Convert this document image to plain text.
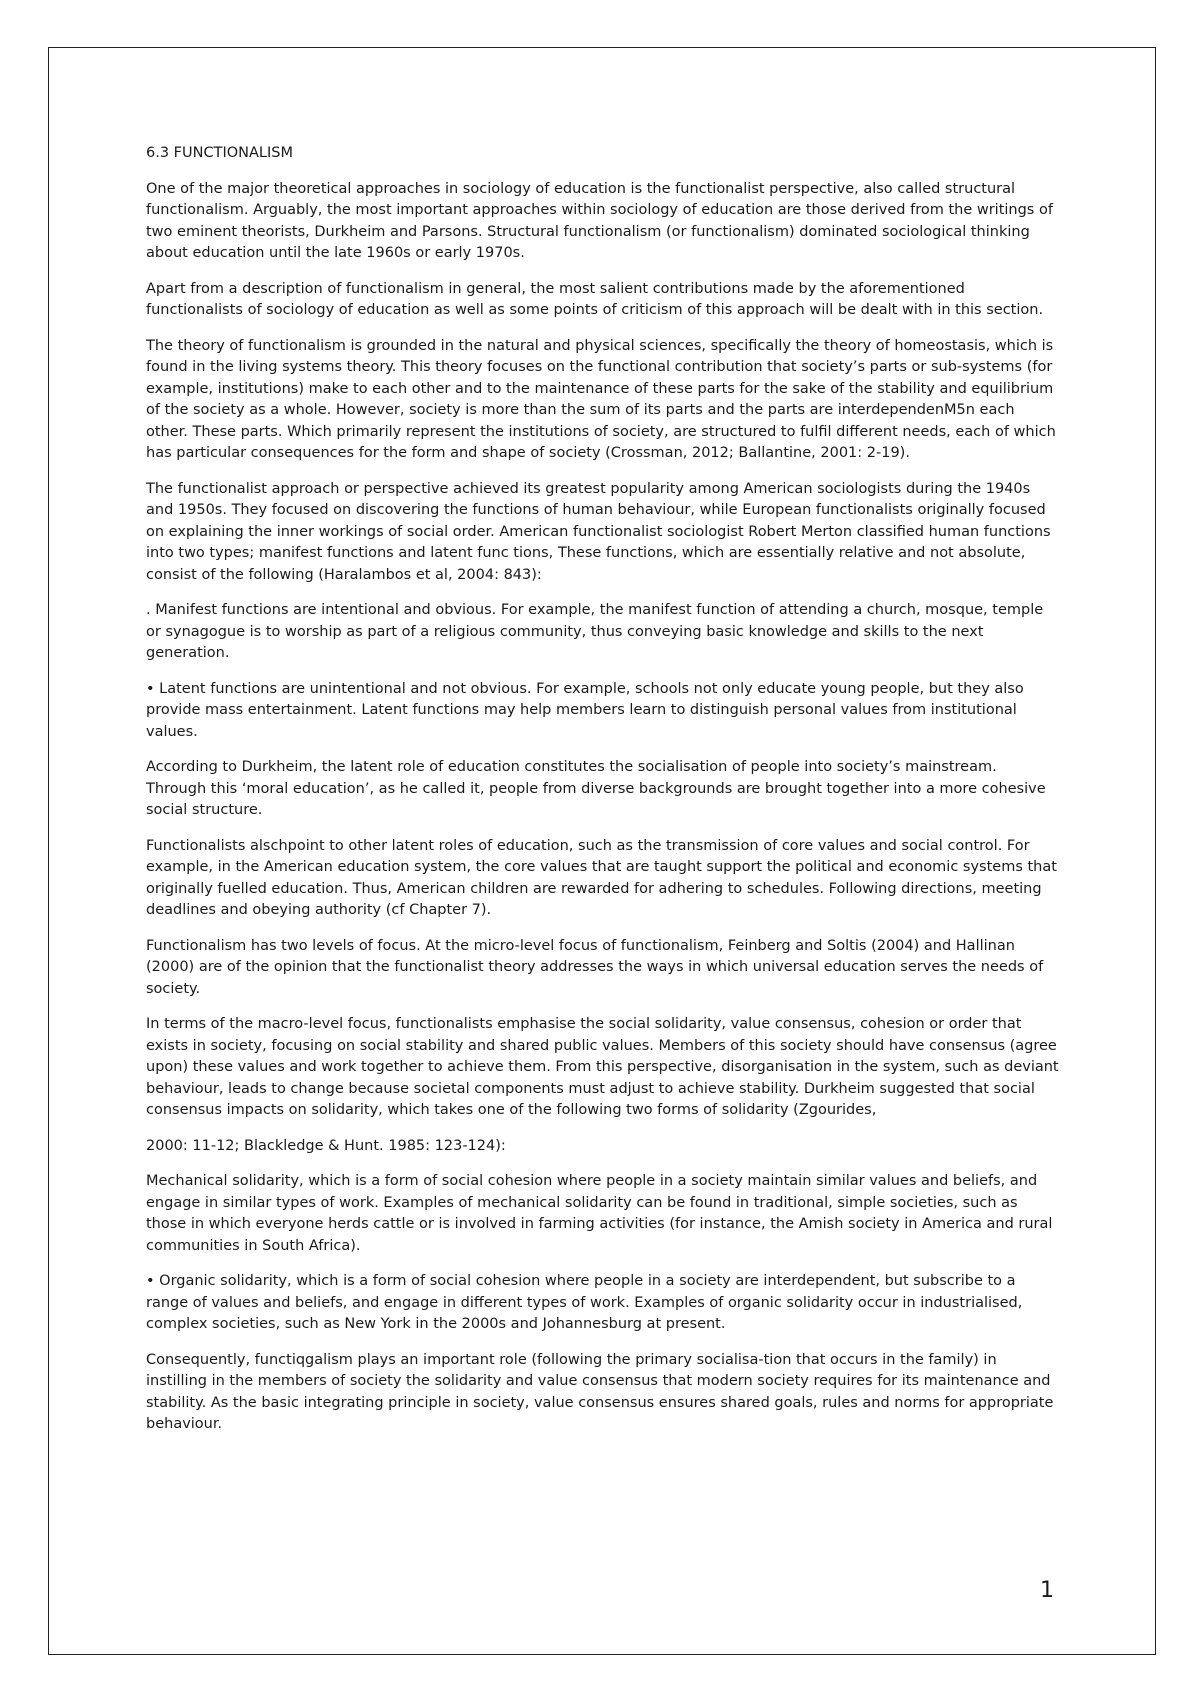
6.3 FUNCTIONALISM

One of the major theoretical approaches in sociology of education is the functionalist perspective, also called structural functionalism. Arguably, the most important approaches within sociology of education are those derived from the writings of two eminent theorists, Durkheim and Parsons. Structural functionalism (or functionalism) dominated sociological thinking about education until the late 1960s or early 1970s.

Apart from a description of functionalism in general, the most salient contributions made by the aforementioned functionalists of sociology of education as well as some points of criticism of this approach will be dealt with in this section.

The theory of functionalism is grounded in the natural and physical sciences, specifically the theory of homeostasis, which is found in the living systems theory. This theory focuses on the functional contribution that society’s parts or sub-systems (for example, institutions) make to each other and to the maintenance of these parts for the sake of the stability and equilibrium of the society as a whole. However, society is more than the sum of its parts and the parts are interdependenM5n each other. These parts. Which primarily represent the institutions of society, are structured to fulfil different needs, each of which has particular consequences for the form and shape of society (Crossman, 2012; Ballantine, 2001: 2-19).

The functionalist approach or perspective achieved its greatest popularity among American sociologists during the 1940s and 1950s. They focused on discovering the functions of human behaviour, while European functionalists originally focused on explaining the inner workings of social order. American functionalist sociologist Robert Merton classified human functions into two types; manifest functions and latent func tions, These functions, which are essentially relative and not absolute, consist of the following (Haralambos et al, 2004: 843):

. Manifest functions are intentional and obvious. For example, the manifest function of attending a church, mosque, temple or synagogue is to worship as part of a religious community, thus conveying basic knowledge and skills to the next generation.

• Latent functions are unintentional and not obvious. For example, schools not only educate young people, but they also provide mass entertainment. Latent functions may help members learn to distinguish personal values from institutional values.

According to Durkheim, the latent role of education constitutes the socialisation of people into society’s mainstream. Through this ‘moral education’, as he called it, people from diverse backgrounds are brought together into a more cohesive social structure.

Functionalists alschpoint to other latent roles of education, such as the transmission of core values and social control. For example, in the American education system, the core values that are taught support the political and economic systems that originally fuelled education. Thus, American children are rewarded for adhering to schedules. Following directions, meeting deadlines and obeying authority (cf Chapter 7).

Functionalism has two levels of focus. At the micro-level focus of functionalism, Feinberg and Soltis (2004) and Hallinan (2000) are of the opinion that the functionalist theory addresses the ways in which universal education serves the needs of society.

In terms of the macro-level focus, functionalists emphasise the social solidarity, value consensus, cohesion or order that exists in society, focusing on social stability and shared public values. Members of this society should have consensus (agree upon) these values and work together to achieve them. From this perspective, disorganisation in the system, such as deviant behaviour, leads to change because societal components must adjust to achieve stability. Durkheim suggested that social consensus impacts on solidarity, which takes one of the following two forms of solidarity (Zgourides,

2000: 11-12; Blackledge & Hunt. 1985: 123-124):

Mechanical solidarity, which is a form of social cohesion where people in a society maintain similar values and beliefs, and engage in similar types of work. Examples of mechanical solidarity can be found in traditional, simple societies, such as those in which everyone herds cattle or is involved in farming activities (for instance, the Amish society in America and rural communities in South Africa).

• Organic solidarity, which is a form of social cohesion where people in a society are interdependent, but subscribe to a range of values and beliefs, and engage in different types of work. Examples of organic solidarity occur in industrialised, complex societies, such as New York in the 2000s and Johannesburg at present.

Consequently, functiqgalism plays an important role (following the primary socialisa-tion that occurs in the family) in instilling in the members of society the solidarity and value consensus that modern society requires for its maintenance and stability. As the basic integrating principle in society, value consensus ensures shared goals, rules and norms for appropriate behaviour.

1
